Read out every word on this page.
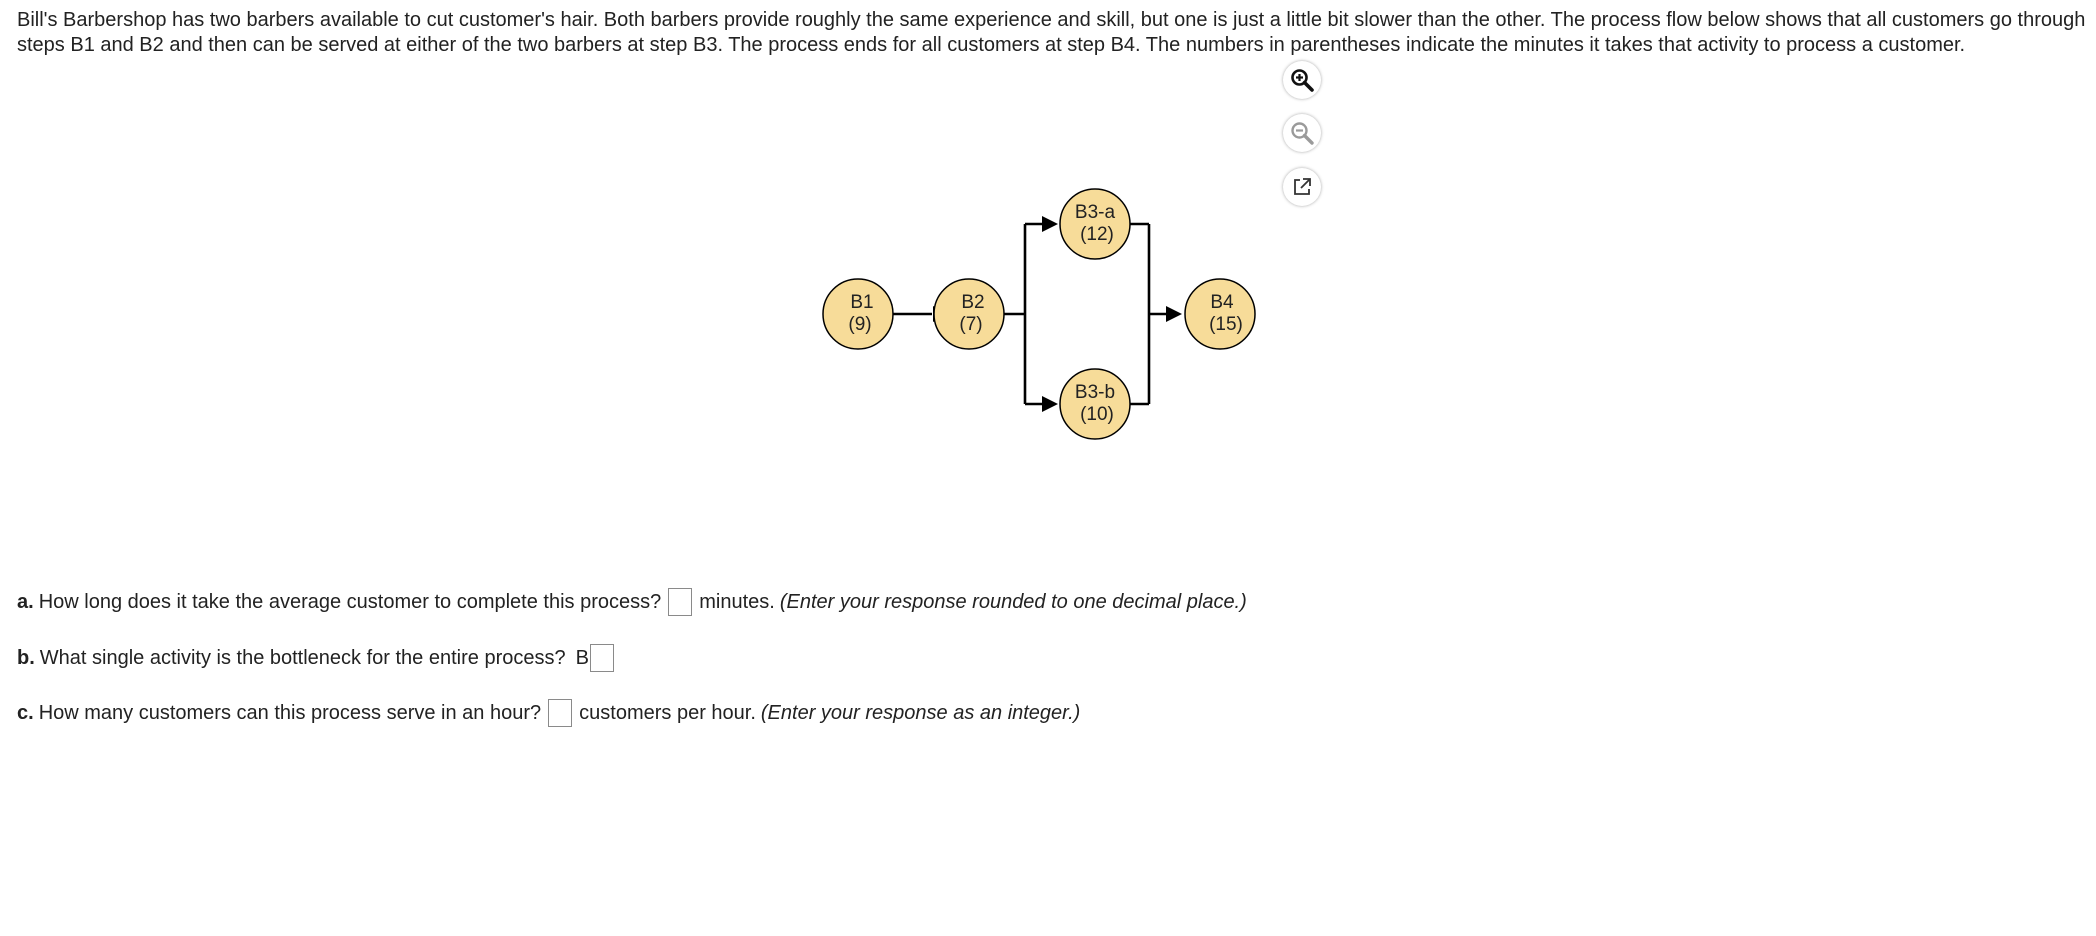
Bill's Barbershop has two barbers available to cut customer's hair. Both barbers provide roughly the same experience and skill, but one is just a little bit slower than the other. The process flow below shows that all customers go through steps B1 and B2 and then can be served at either of the two barbers at step B3. The process ends for all customers at step B4. The numbers in parentheses indicate the minutes it takes that activity to process a customer.

B1
(9)
B2
(7)
B3-a
(12)
B3-b
(10)
B4
(15)
a. How long does it take the average customer to complete this process? minutes. (Enter your response rounded to one decimal place.)
b. What single activity is the bottleneck for the entire process? B
c. How many customers can this process serve in an hour? customers per hour. (Enter your response as an integer.)
